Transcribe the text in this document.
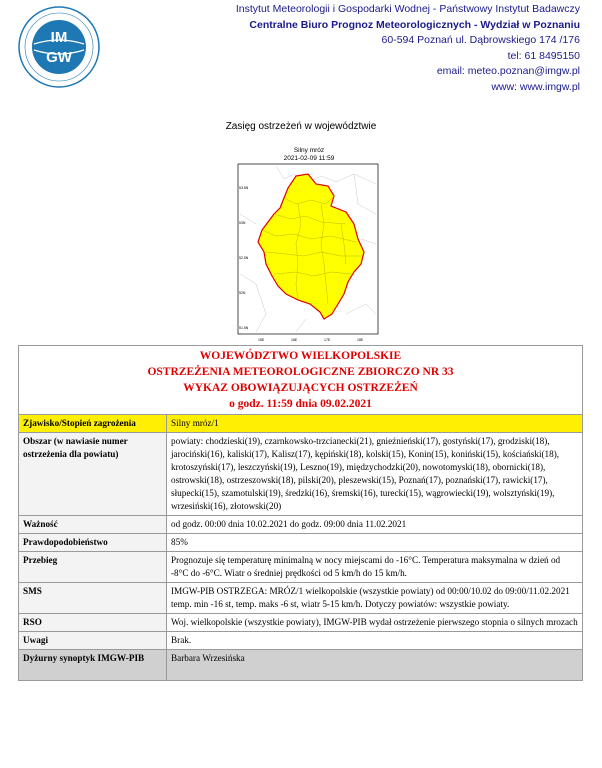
IM
GW
Instytut Meteorologii i Gospodarki Wodnej - Państwowy Instytut Badawczy
Centralne Biuro Prognoz Meteorologicznych - Wydział w Poznaniu
60-594 Poznań ul. Dąbrowskiego 174 /176
tel: 61 8495150
email: meteo.poznan@imgw.pl
www: www.imgw.pl
Zasięg ostrzeżeń w województwie
Silny mróz
2021-02-09 11:59
53.5N
53N
52.5N
52N
51.5N
15E	16E	17E	18E
WOJEWÓDZTWO WIELKOPOLSKIE
OSTRZEŻENIA METEOROLOGICZNE ZBIORCZO NR 33
WYKAZ OBOWIĄZUJĄCYCH OSTRZEŻEŃ
o godz. 11:59 dnia 09.02.2021	

Zjawisko/Stopień zagrożenia	Silny mróz/1
Obszar (w nawiasie numer ostrzeżenia dla powiatu)	powiaty: chodzieski(19), czarnkowsko-trzcianecki(21), gnieźnieński(17), gostyński(17), grodziski(18), jarociński(16), kaliski(17), Kalisz(17), kępiński(18), kolski(15), Konin(15), koniński(15), kościański(18), krotoszyński(17), leszczyński(19), Leszno(19), międzychodzki(20), nowotomyski(18), obornicki(18), ostrowski(18), ostrzeszowski(18), pilski(20), pleszewski(15), Poznań(17), poznański(17), rawicki(17), słupecki(15), szamotulski(19), średzki(16), śremski(16), turecki(15), wągrowiecki(19), wolsztyński(19), wrzesiński(16), złotowski(20)
Ważność	od godz. 00:00 dnia 10.02.2021 do godz. 09:00 dnia 11.02.2021
Prawdopodobieństwo	85%
Przebieg	Prognozuje się temperaturę minimalną w nocy miejscami do -16°C. Temperatura maksymalna w dzień od -8°C do -6°C. Wiatr o średniej prędkości od 5 km/h do 15 km/h.
SMS	IMGW-PIB OSTRZEGA: MRÓZ/1 wielkopolskie (wszystkie powiaty) od 00:00/10.02 do 09:00/11.02.2021 temp. min -16 st, temp. maks -6 st, wiatr 5-15 km/h. Dotyczy powiatów: wszystkie powiaty.
RSO	Woj. wielkopolskie (wszystkie powiaty), IMGW-PIB wydał ostrzeżenie pierwszego stopnia o silnych mrozach
Uwagi	Brak.
Dyżurny synoptyk IMGW-PIB	Barbara Wrzesińska
